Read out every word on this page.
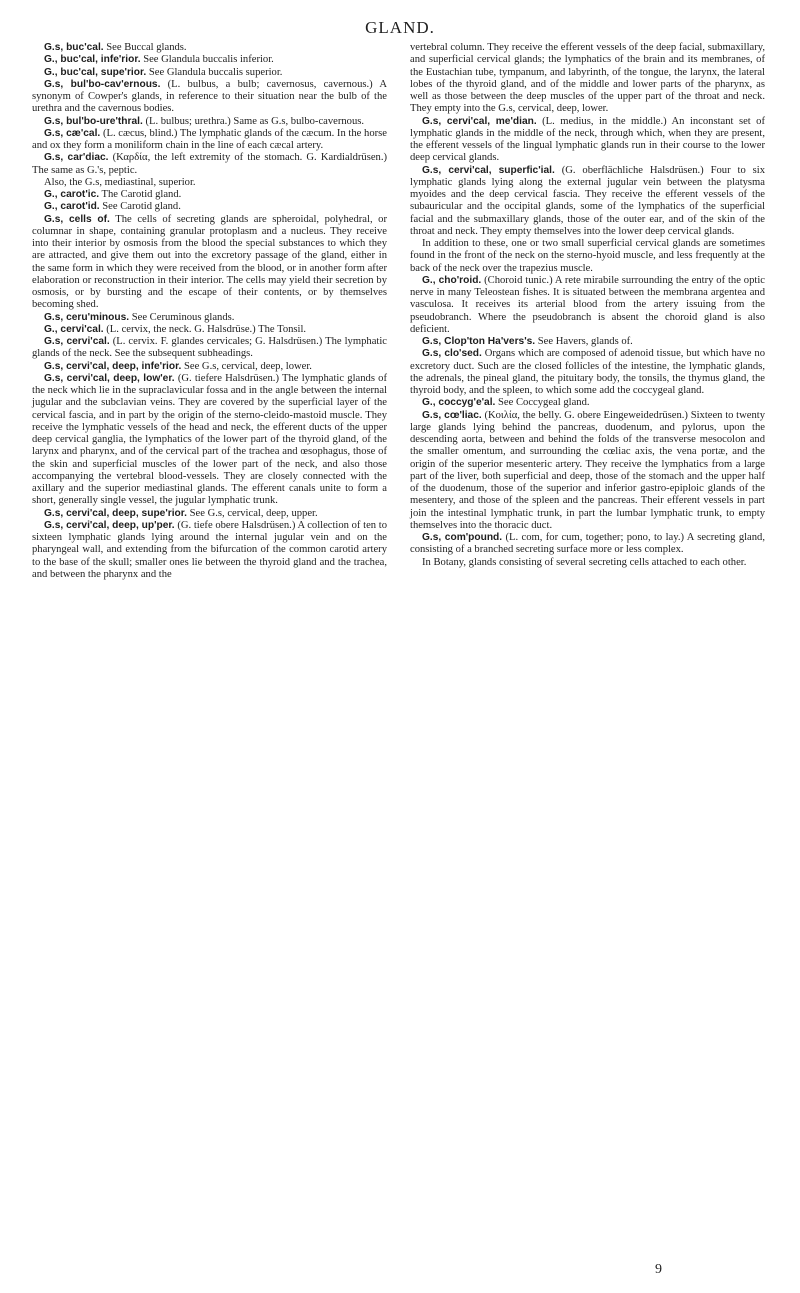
GLAND.

G.s, buc'cal. See Buccal glands.

G., buc'cal, infe'rior. See Glandula buccalis inferior.

G., buc'cal, supe'rior. See Glandula buccalis superior.

G.s, bul'bo-cav'ernous. (L. bulbus, a bulb; cavernosus, cavernous.) A synonym of Cowper's glands, in reference to their situation near the bulb of the urethra and the cavernous bodies.

G.s, bul'bo-ure'thral. (L. bulbus; urethra.) Same as G.s, bulbo-cavernous.

G.s, cæ'cal. (L. cæcus, blind.) The lymphatic glands of the cæcum. In the horse and ox they form a moniliform chain in the line of each cæcal artery.

G.s, car'diac. (Καρδία, the left extremity of the stomach. G. Kardialdrüsen.) The same as G.'s, peptic.

Also, the G.s, mediastinal, superior.

G., carot'ic. The Carotid gland.

G., carot'id. See Carotid gland.

G.s, cells of. The cells of secreting glands are spheroidal, polyhedral, or columnar in shape, containing granular protoplasm and a nucleus. They receive into their interior by osmosis from the blood the special substances to which they are attracted, and give them out into the excretory passage of the gland, either in the same form in which they were received from the blood, or in another form after elaboration or reconstruction in their interior. The cells may yield their secretion by osmosis, or by bursting and the escape of their contents, or by themselves becoming shed.

G.s, ceru'minous. See Ceruminous glands.

G., cervi'cal. (L. cervix, the neck. G. Halsdrüse.) The Tonsil.

G.s, cervi'cal. (L. cervix. F. glandes cervicales; G. Halsdrüsen.) The lymphatic glands of the neck. See the subsequent subheadings.

G.s, cervi'cal, deep, infe'rior. See G.s, cervical, deep, lower.

G.s, cervi'cal, deep, low'er. (G. tiefere Halsdrüsen.) The lymphatic glands of the neck which lie in the supraclavicular fossa and in the angle between the internal jugular and the subclavian veins. They are covered by the superficial layer of the cervical fascia, and in part by the origin of the sterno-cleido-mastoid muscle. They receive the lymphatic vessels of the head and neck, the efferent ducts of the upper deep cervical ganglia, the lymphatics of the lower part of the thyroid gland, of the larynx and pharynx, and of the cervical part of the trachea and œsophagus, those of the skin and superficial muscles of the lower part of the neck, and also those accompanying the vertebral blood-vessels. They are closely connected with the axillary and the superior mediastinal glands. The efferent canals unite to form a short, generally single vessel, the jugular lymphatic trunk.

G.s, cervi'cal, deep, supe'rior. See G.s, cervical, deep, upper.

G.s, cervi'cal, deep, up'per. (G. tiefe obere Halsdrüsen.) A collection of ten to sixteen lymphatic glands lying around the internal jugular vein and on the pharyngeal wall, and extending from the bifurcation of the common carotid artery to the base of the skull; smaller ones lie between the thyroid gland and the trachea, and between the pharynx and the

vertebral column. They receive the efferent vessels of the deep facial, submaxillary, and superficial cervical glands; the lymphatics of the brain and its membranes, of the Eustachian tube, tympanum, and labyrinth, of the tongue, the larynx, the lateral lobes of the thyroid gland, and of the middle and lower parts of the pharynx, as well as those between the deep muscles of the upper part of the throat and neck. They empty into the G.s, cervical, deep, lower.

G.s, cervi'cal, me'dian. (L. medius, in the middle.) An inconstant set of lymphatic glands in the middle of the neck, through which, when they are present, the efferent vessels of the lingual lymphatic glands run in their course to the lower deep cervical glands.

G.s, cervi'cal, superfic'ial. (G. oberflächliche Halsdrüsen.) Four to six lymphatic glands lying along the external jugular vein between the platysma myoides and the deep cervical fascia. They receive the efferent vessels of the subauricular and the occipital glands, some of the lymphatics of the superficial facial and the submaxillary glands, those of the outer ear, and of the skin of the throat and neck. They empty themselves into the lower deep cervical glands.

In addition to these, one or two small superficial cervical glands are sometimes found in the front of the neck on the sterno-hyoid muscle, and less frequently at the back of the neck over the trapezius muscle.

G., cho'roid. (Choroid tunic.) A rete mirabile surrounding the entry of the optic nerve in many Teleostean fishes. It is situated between the membrana argentea and vasculosa. It receives its arterial blood from the artery issuing from the pseudobranch. Where the pseudobranch is absent the choroid gland is also deficient.

G.s, Clop'ton Ha'vers's. See Havers, glands of.

G.s, clo'sed. Organs which are composed of adenoid tissue, but which have no excretory duct. Such are the closed follicles of the intestine, the lymphatic glands, the adrenals, the pineal gland, the pituitary body, the tonsils, the thymus gland, the thyroid body, and the spleen, to which some add the coccygeal gland.

G., coccyg'e'al. See Coccygeal gland.

G.s, cœ'liac. (Κοιλία, the belly. G. obere Eingeweidedrüsen.) Sixteen to twenty large glands lying behind the pancreas, duodenum, and pylorus, upon the descending aorta, between and behind the folds of the transverse mesocolon and the smaller omentum, and surrounding the cœliac axis, the vena portæ, and the origin of the superior mesenteric artery. They receive the lymphatics from a large part of the liver, both superficial and deep, those of the stomach and the upper half of the duodenum, those of the superior and inferior gastro-epiploic glands of the mesentery, and those of the spleen and the pancreas. Their efferent vessels in part join the intestinal lymphatic trunk, in part the lumbar lymphatic trunk, to empty themselves into the thoracic duct.

G.s, com'pound. (L. com, for cum, together; pono, to lay.) A secreting gland, consisting of a branched secreting surface more or less complex.

In Botany, glands consisting of several secreting cells attached to each other.

9
